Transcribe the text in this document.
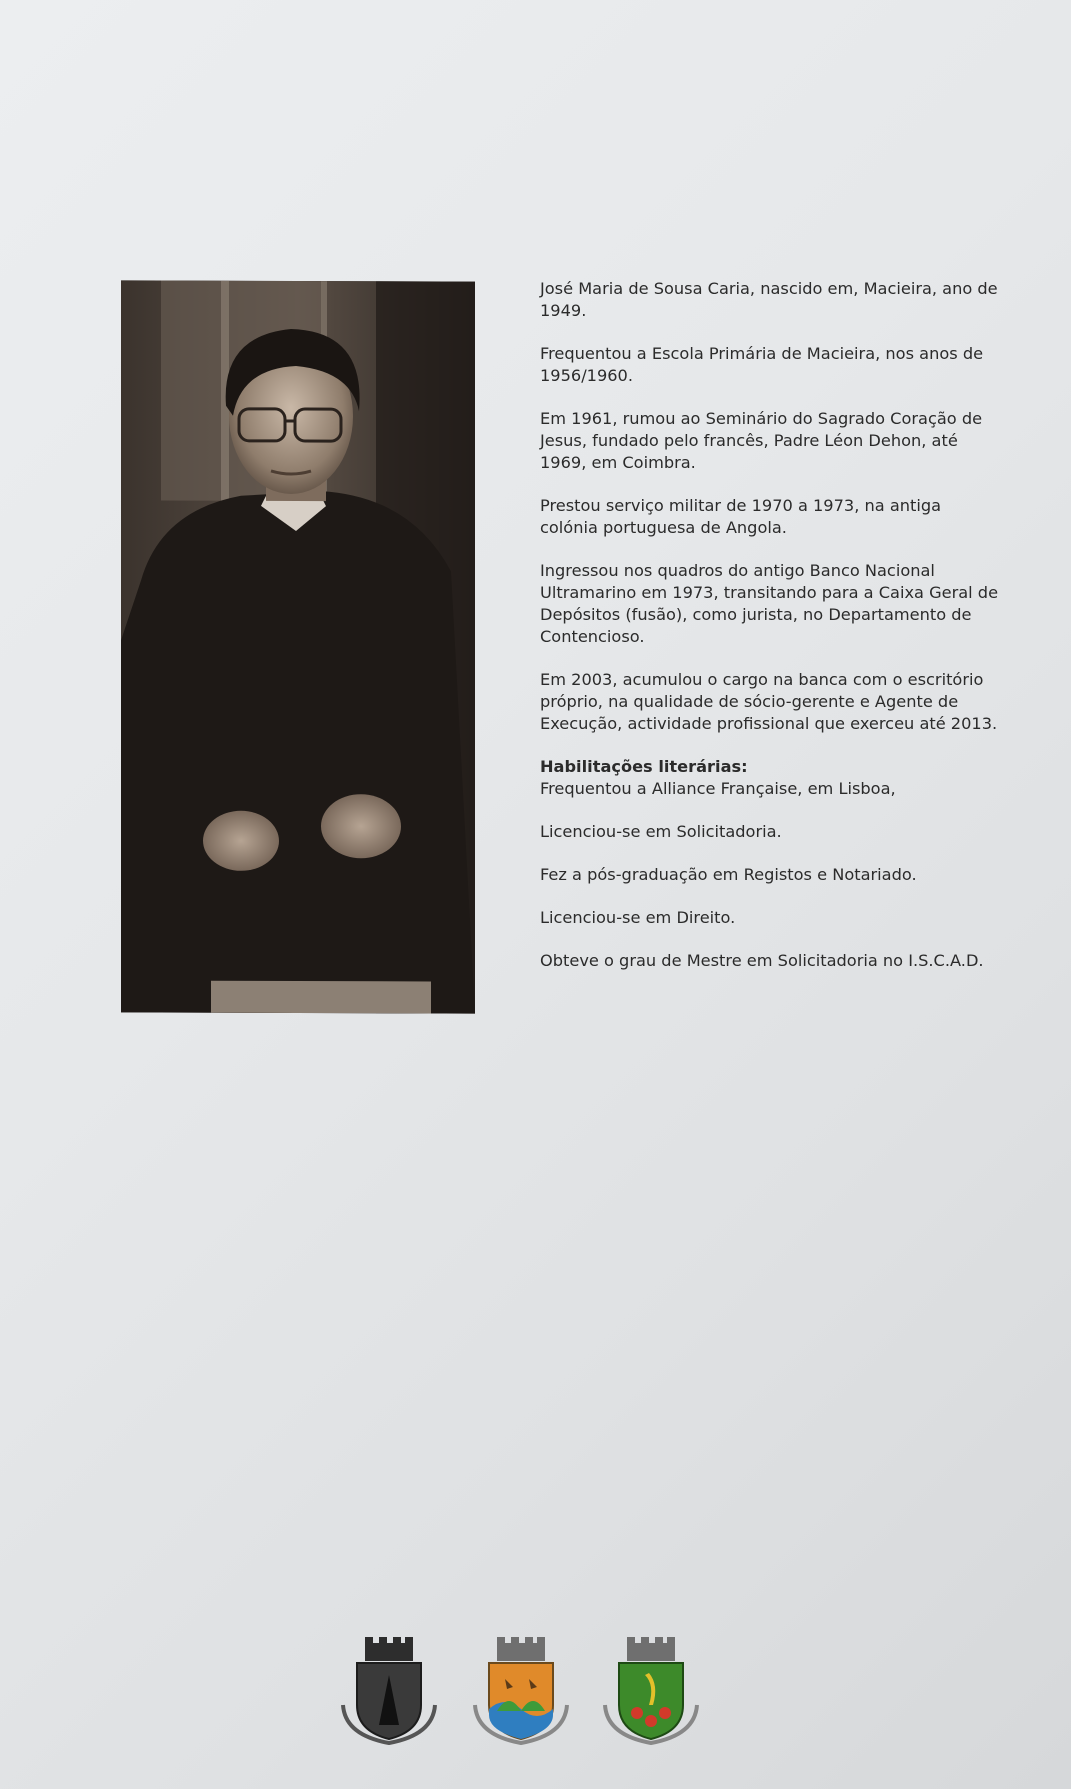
José Maria de Sousa Caria, nascido em, Macieira, ano de 1949.

Frequentou a Escola Primária de Macieira, nos anos de 1956/1960.

Em 1961, rumou ao Seminário do Sagrado Coração de Jesus, fundado pelo francês, Padre Léon Dehon, até 1969, em Coimbra.

Prestou serviço militar de 1970 a 1973, na antiga colónia portuguesa de Angola.

Ingressou nos quadros do antigo Banco Nacional Ultramarino em 1973, transitando para a Caixa Geral de Depósitos (fusão), como jurista, no Departamento de Contencioso.

Em 2003, acumulou o cargo na banca com o escritório próprio, na qualidade de sócio-gerente e Agente de Execução, actividade profissional que exerceu até 2013.

Habilitações literárias:

Frequentou a Alliance Française, em Lisboa,

Licenciou-se em Solicitadoria.

Fez a pós-graduação em Registos e Notariado.

Licenciou-se em Direito.

Obteve o grau de Mestre em Solicitadoria no I.S.C.A.D.
